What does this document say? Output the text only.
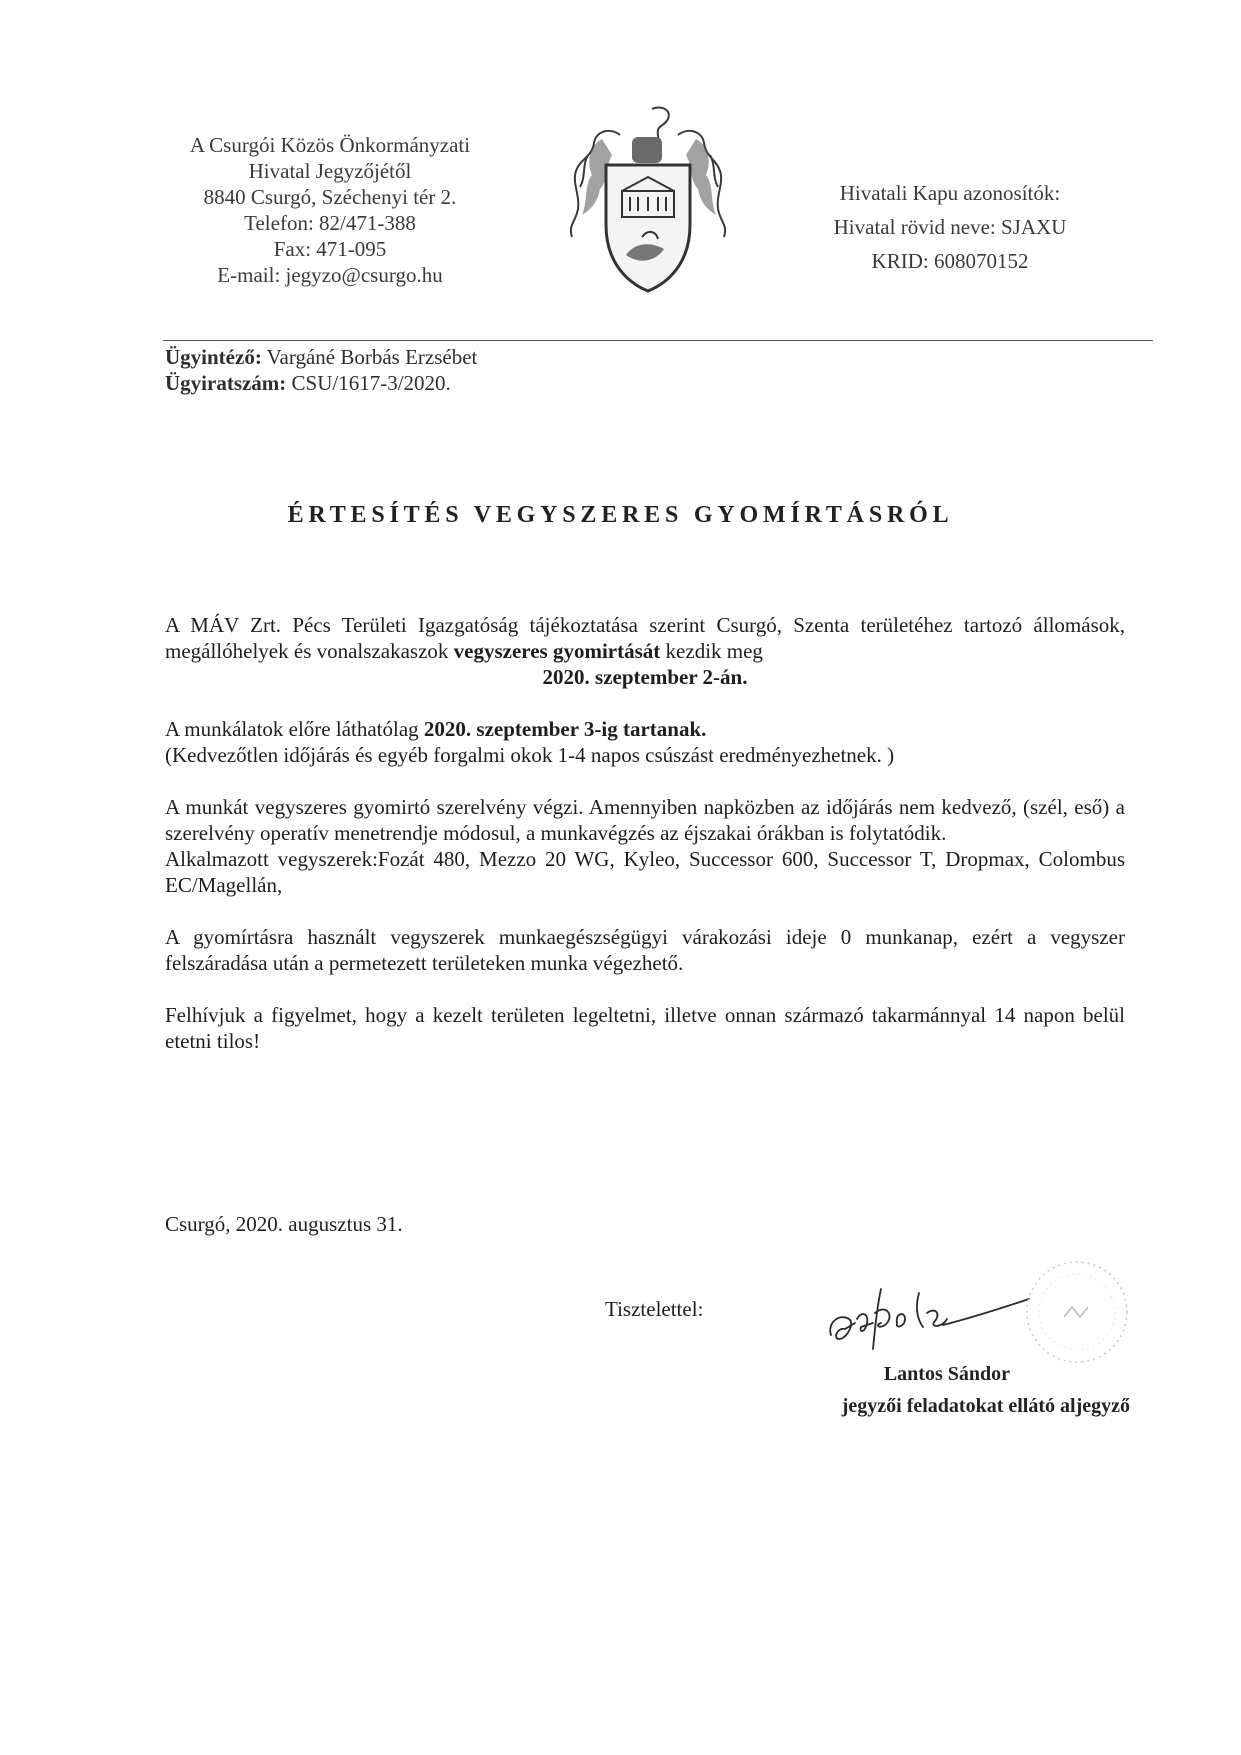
A Csurgói Közös Önkormányzati
Hivatal Jegyzőjétől
8840 Csurgó, Széchenyi tér 2.
Telefon: 82/471-388
Fax: 471-095
E-mail: jegyzo@csurgo.hu
Hivatali Kapu azonosítók:
Hivatal rövid neve: SJAXU
KRID: 608070152
Ügyintéző: Vargáné Borbás Erzsébet
Ügyiratszám: CSU/1617-3/2020.
ÉRTESÍTÉS VEGYSZERES GYOMÍRTÁSRÓL

A MÁV Zrt. Pécs Területi Igazgatóság tájékoztatása szerint Csurgó, Szenta területéhez tartozó állomások, megállóhelyek és vonalszakaszok vegyszeres gyomirtását kezdik meg

2020. szeptember 2-án.

A munkálatok előre láthatólag 2020. szeptember 3-ig tartanak.

(Kedvezőtlen időjárás és egyéb forgalmi okok 1-4 napos csúszást eredményezhetnek. )

A munkát vegyszeres gyomirtó szerelvény végzi. Amennyiben napközben az időjárás nem kedvező, (szél, eső) a szerelvény operatív menetrendje módosul, a munkavégzés az éjszakai órákban is folytatódik.

Alkalmazott vegyszerek:Fozát 480, Mezzo 20 WG, Kyleo, Successor 600, Successor T, Dropmax, Colombus EC/Magellán,

A gyomírtásra használt vegyszerek munkaegészségügyi várakozási ideje 0 munkanap, ezért a vegyszer felszáradása után a permetezett területeken munka végezhető.

Felhívjuk a figyelmet, hogy a kezelt területen legeltetni, illetve onnan származó takarmánnyal 14 napon belül etetni tilos!

Csurgó, 2020. augusztus 31.
Tisztelettel:
Lantos Sándor
jegyzői feladatokat ellátó aljegyző
